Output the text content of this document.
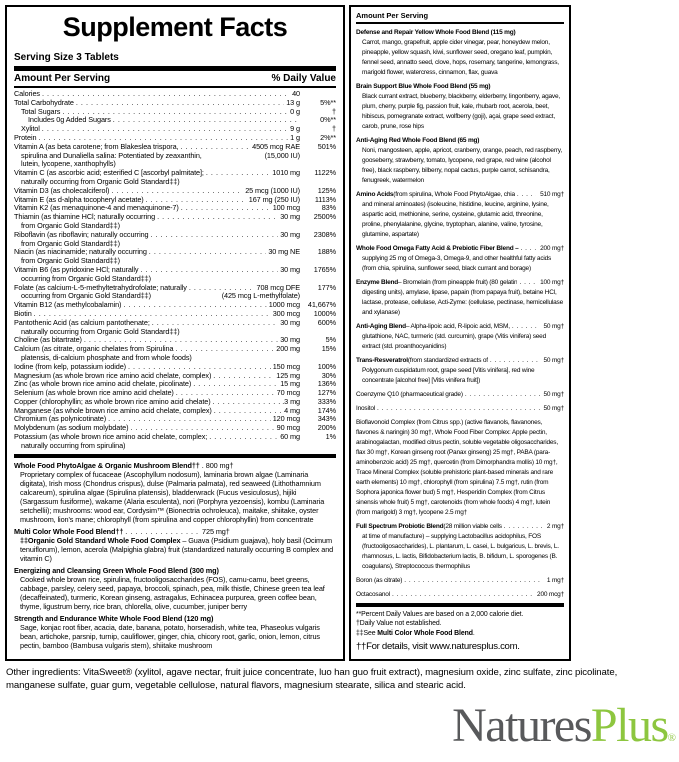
Supplement Facts
Serving Size 3 Tablets
Amount Per Serving	% Daily Value
Calories . . .	40
Total Carbohydrate . . .	13 g	5%**
Total Sugars . . .	0 g	†
Includes 0g Added Sugars . . .	0%**
Xylitol . . .	9 g	†
Protein . . .	1 g	2%**
Vitamin A (as beta carotene; from Blakeslea trispora, . . .	4505 mcg RAE	501%
spirulina and Dunaliella salina: Potentiated by zeaxanthin,	(15,000 IU)
lutein, lycopene, xanthophylls)
Vitamin C (as ascorbic acid; esterified C [ascorbyl palmitate]; . . .	1010 mg	1122%
naturally occurring from Organic Gold Standard‡‡)
Vitamin D3 (as cholecalciferol) . . .	25 mcg (1000 IU)	125%
Vitamin E (as d-alpha tocopheryl acetate) . . .	167 mg (250 IU)	1113%
Vitamin K2 (as menaquinone-4 and menaquinone-7) . . .	100 mcg	83%
Thiamin (as thiamine HCl; naturally occurring . . .	30 mg	2500%
from Organic Gold Standard‡‡)
Riboflavin (as riboflavin; naturally occurring . . .	30 mg	2308%
from Organic Gold Standard‡‡)
Niacin (as niacinamide; naturally occurring . . .	30 mg NE	188%
from Organic Gold Standard‡‡)
Vitamin B6 (as pyridoxine HCl; naturally . . .	30 mg	1765%
occurring from Organic Gold Standard‡‡)
Folate (as calcium-L-5-methyltetrahydrofolate; naturally . . .	708 mcg DFE	177%
occurring from Organic Gold Standard‡‡)	(425 mcg L-methylfolate)
Vitamin B12 (as methylcobalamin) . . .	1000 mcg	41,667%
Biotin . . .	300 mcg	1000%
Pantothenic Acid (as calcium pantothenate; . . .	30 mg	600%
naturally occurring from Organic Gold Standard‡‡)
Choline (as bitartrate) . . .	30 mg	5%
Calcium (as citrate, organic chelates from Spirulina . . .	200 mg	15%
platensis, di-calcium phosphate and from whole foods)
Iodine (from kelp, potassium iodide) . . .	150 mcg	100%
Magnesium (as whole brown rice amino acid chelate, complex) . . .	125 mg	30%
Zinc (as whole brown rice amino acid chelate, picolinate) . . .	15 mg	136%
Selenium (as whole brown rice amino acid chelate) . . .	70 mcg	127%
Copper (chlorophyllin; as whole brown rice amino acid chelate) . . .	.3 mg	333%
Manganese (as whole brown rice amino acid chelate, complex) . . .	4 mg	174%
Chromium (as polynicotinate) . . .	120 mcg	343%
Molybdenum (as sodium molybdate) . . .	90 mcg	200%
Potassium (as whole brown rice amino acid chelate, complex; . . .	60 mg	1%
naturally occurring from spirulina)
Whole Food PhytoAlgae & Organic Mushroom Blend†† . . . 800 mg†
Proprietary complex of fucaceae (Ascophyllum nodosum), laminaria brown algae (Laminaria digitata), Irish moss (Chondrus crispus), dulse (Palmaria palmata), red seaweed (Lithothamnium calcareum), spirulina algae (Spirulina platensis), bladderwrack (Fucus vesiculosus), hijiki (Sargassum fusiforme), wakame (Alaria esculenta), nori (Porphyra yezoensis), kombu (Laminaria setchellii); mushrooms: wood ear, Cordysim™ (Bionectria ochroleuca), maitake, shiitake, oyster mushroom, lion's mane; chlorophyll (from spirulina and copper chlorophyllin) from concentrate
Multi Color Whole Food Blend†† . . .	725 mg†
‡‡Organic Gold Standard Whole Food Complex – Guava (Psidium guajava), holy basil (Ocimum tenuiflorum), lemon, acerola (Malpighia glabra) fruit (standardized naturally occurring B complex and vitamin C)
Energizing and Cleansing Green Whole Food Blend (300 mg)
Cooked whole brown rice, spirulina, fructooligosaccharides (FOS), camu-camu, beet greens, cabbage, parsley, celery seed, papaya, broccoli, spinach, pea, milk thistle, Chinese green tea leaf (decaffeinated), turmeric, Korean ginseng, astragalus, Echinacea purpurea, green coffee bean, thyme, ligustrum berry, rice bran, chlorella, olive, cucumber, juniper berry
Strength and Endurance White Whole Food Blend (120 mg)
Sage, konjac root fiber, acacia, date, banana, potato, horseradish, white tea, Phaseolus vulgaris bean, artichoke, parsnip, turnip, cauliflower, ginger, chia, chicory root, garlic, onion, lemon, citrus pectin, bamboo (Bambusa vulgaris stem), shiitake mushroom
Amount Per Serving
Defense and Repair Yellow Whole Food Blend (115 mg)
Carrot, mango, grapefruit, apple cider vinegar, pear, honeydew melon, pineapple, yellow squash, kiwi, sunflower seed, oregano leaf, pumpkin, fennel seed, annatto seed, clove, hops, rosemary, tangerine, lemongrass, marigold flower, watercress, cinnamon, flax, guava
Brain Support Blue Whole Food Blend (55 mg)
Black currant extract, blueberry, blackberry, elderberry, lingonberry, agave, plum, cherry, purple fig, passion fruit, kale, rhubarb root, acerola, beet, hibiscus, pomegranate extract, wolfberry (goji), açai, grape seed extract, carob, prune, rose hips
Anti-Aging Red Whole Food Blend (65 mg)
Noni, mangosteen, apple, apricot, cranberry, orange, peach, red raspberry, gooseberry, strawberry, tomato, lycopene, red grape, red wine (alcohol free), black raspberry, bilberry, nopal cactus, purple carrot, schisandra, fenugreek, watermelon
Amino Acids (from spirulina, Whole Food PhytoAlgae, chia . . .	510 mg†
and mineral aminoates) (isoleucine, histidine, leucine, arginine, lysine, aspartic acid, methionine, serine, cysteine, glutamic acid, threonine, proline, phenylalanine, glycine, tryptophan, alanine, valine, tyrosine, glutamine, aspartate)
Whole Food Omega Fatty Acid & Prebiotic Fiber Blend – . . .	200 mg†
supplying 25 mg of Omega-3, Omega-9, and other healthful fatty acids (from chia, spirulina, sunflower seed, black currant and borage)
Enzyme Blend – Bromelain (from pineapple fruit) (80 gelatin . . .	100 mg†
digesting units), amylase, lipase, papain (from papaya fruit), betaine HCl, lactase, protease, cellulase, Acti-Zyme: (cellulase, pectinase, hemicellulase and xylanase)
Anti-Aging Blend – Alpha-lipoic acid, R-lipoic acid, MSM, . . .	50 mg†
glutathione, NAC, turmeric (std. curcumin), grape (Vitis vinifera) seed extract (std. proanthocyanidins)
Trans-Resveratrol (from standardized extracts of . . .	50 mg†
Polygonum cuspidatum root, grape seed [Vitis vinifera], red wine concentrate [alcohol free] [Vitis vinifera fruit])
Coenzyme Q10 (pharmaceutical grade) . . .	50 mg†
Inositol . . .	50 mg†
Bioflavonoid Complex (from Citrus spp.) (active flavanols, flavanones, flavones & naringin) 30 mg†, Whole Food Fiber Complex: Apple pectin, arabinogalactan, modified citrus pectin, soluble vegetable oligosaccharides, flax 30 mg†, Korean ginseng root (Panax ginseng) 25 mg†, PABA (para-aminobenzoic acid) 25 mg†, quercetin (from Dimorphandra mollis) 10 mg†, Trace Mineral Complex (soluble prehistoric plant-based minerals and rare earth elements) 10 mg†, chlorophyll (from spirulina) 7.5 mg†, rutin (from Sophora japonica flower bud) 5 mg†, Hesperidin Complex (from Citrus sinensis whole fruit) 5 mg†, carotenoids (from whole foods) 4 mg†, lutein (from marigold) 3 mg†, lycopene 2.5 mg†
Full Spectrum Probiotic Blend (28 million viable cells . . .	2 mg†
at time of manufacture) – supplying Lactobacillus acidophilus, FOS (fructooligosaccharides), L. plantarum, L. casei, L. bulgaricus, L. brevis, L. rhamnosus, L. lactis, Bifidobacterium lactis, B. bifidum, L. sporogenes (B. coagulans), Streptococcus thermophilus
Boron (as citrate) . . .	1 mg†
Octacosanol . . .	200 mcg†
**Percent Daily Values are based on a 2,000 calorie diet.
†Daily Value not established.
‡‡See Multi Color Whole Food Blend.
††For details, visit www.naturesplus.com.
Other ingredients: VitaSweet® (xylitol, agave nectar, fruit juice concentrate, luo han guo fruit extract), magnesium oxide, zinc sulfate, zinc picolinate, manganese sulfate, guar gum, vegetable cellulose, natural flavors, magnesium stearate, silica and stearic acid.
NaturesPlus®
